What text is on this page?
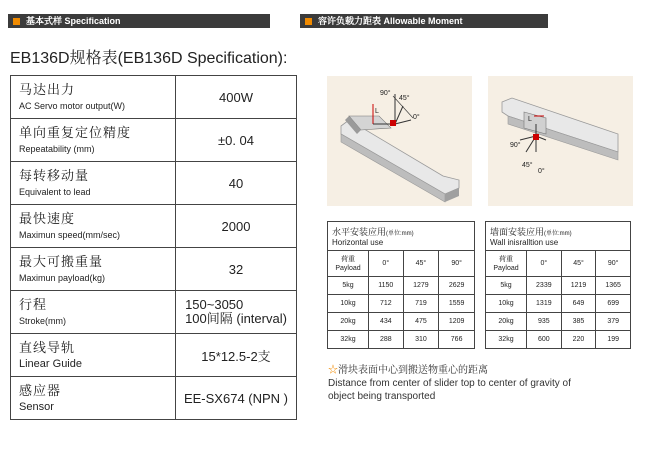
基本式样 Specification	容许负载力距表 Allowable Moment
EB136D规格表(EB136D Specification):
马达出力
AC Servo motor output(W)	400W

单向重复定位精度
Repeatability (mm)	±0. 04

每转移动量
Equivalent to lead	40

最快速度
Maximun speed(mm/sec)	2000

最大可搬重量
Maximun payload(kg)	32

行程
Stroke(mm)	150~3050
100间隔 (interval)

直线导轨
Linear Guide	15*12.5-2支

感应器
Sensor	EE-SX674 (NPN )
90°
45°
0°
L
L
90°
45°
0°
水平安装应用(单位:mm)
Horizontal use			

荷重
Payload	0°	45°	90°
5kg	1150	1279	2629
10kg	712	719	1559
20kg	434	475	1209
32kg	288	310	766
墙面安装应用(单位:mm)
Wall inisralltion use			

荷重
Payload	0°	45°	90°
5kg	2339	1219	1365
10kg	1319	649	699
20kg	935	385	379
32kg	600	220	199
☆滑块表面中心到搬送物重心的距离
Distance from center of slider top to center of gravity of
object being transported
